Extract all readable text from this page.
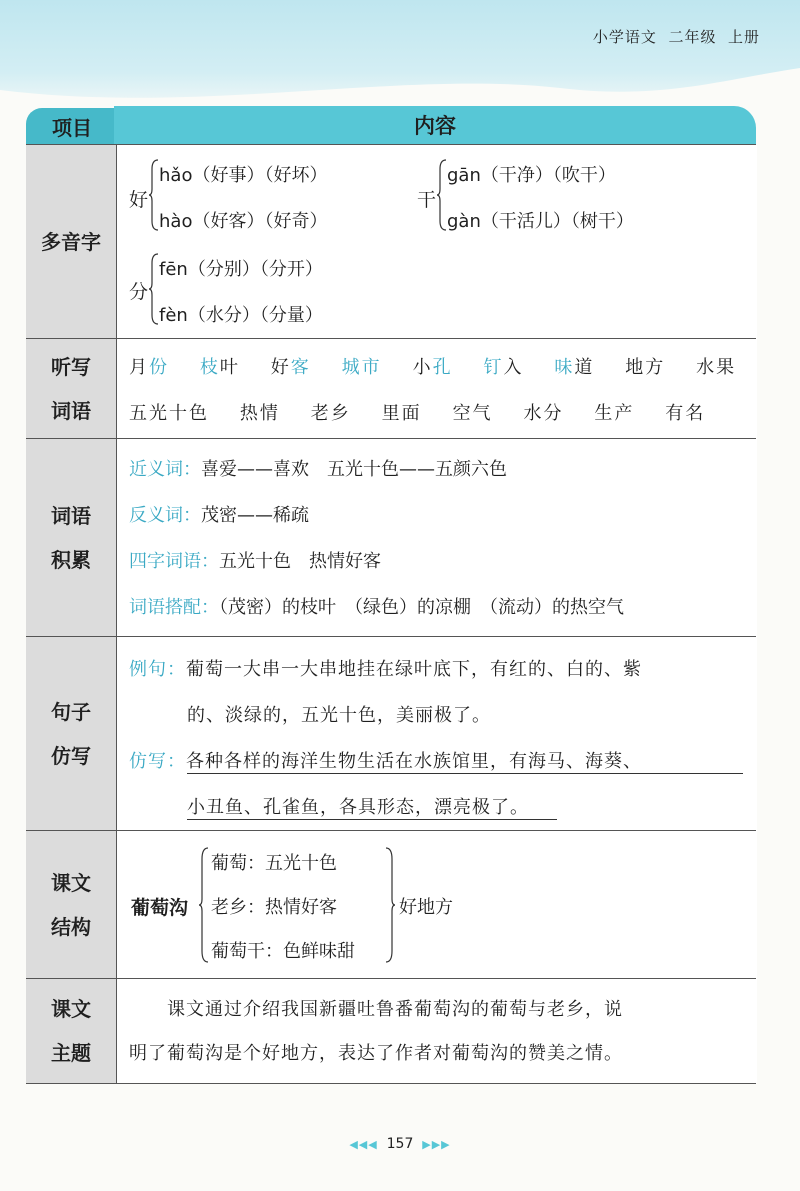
小学语文  二年级  上册
项目	内容
多音字
好
hǎo（好事）（好坏）
hào（好客）（好奇）
干
gān（干净）（吹干）
gàn（干活儿）（树干）
分
fēn（分别）（分开）
fèn（水分）（分量）
听写
词语
月份 枝叶 好客 城市 小孔 钉入 味道 地方 水果
五光十色 热情 老乡 里面 空气 水分 生产 有名
词语
积累
近义词：喜爱——喜欢　五光十色——五颜六色
反义词：茂密——稀疏
四字词语：五光十色　热情好客
词语搭配：（茂密）的枝叶　（绿色）的凉棚　（流动）的热空气
句子
仿写
例句：葡萄一大串一大串地挂在绿叶底下，有红的、白的、紫
的、淡绿的，五光十色，美丽极了。
仿写：各种各样的海洋生物生活在水族馆里，有海马、海葵、
小丑鱼、孔雀鱼，各具形态，漂亮极了。
课文
结构
葡萄沟
葡萄：五光十色
老乡：热情好客
葡萄干：色鲜味甜
好地方
课文
主题
课文通过介绍我国新疆吐鲁番葡萄沟的葡萄与老乡，说
明了葡萄沟是个好地方，表达了作者对葡萄沟的赞美之情。
◀◀◀ 157 ▶▶▶
